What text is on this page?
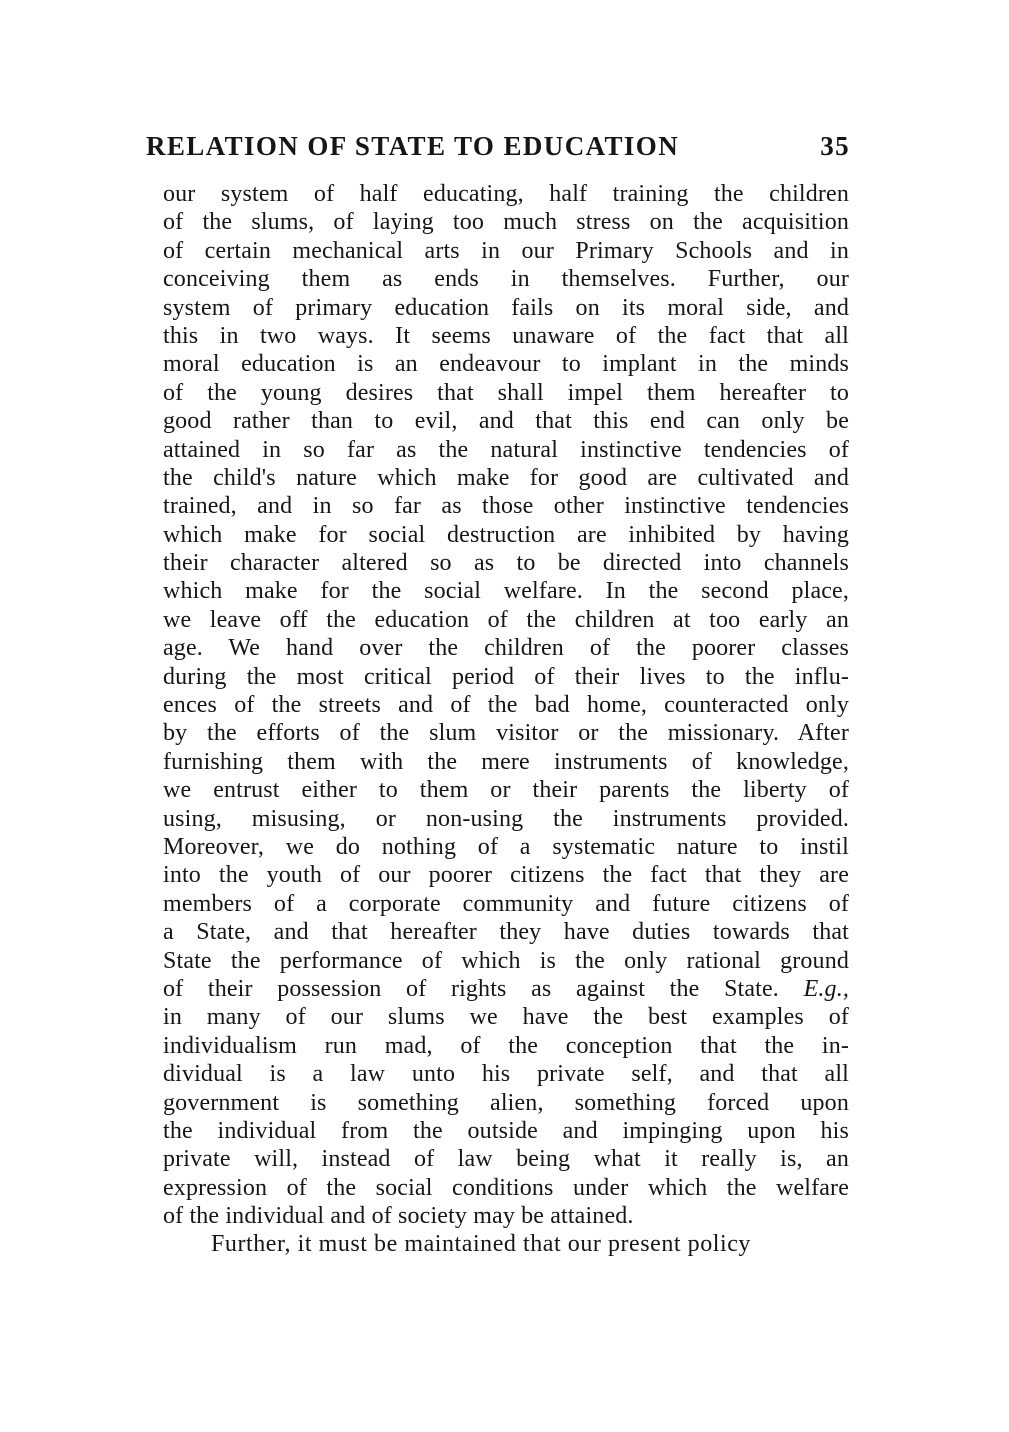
RELATION OF STATE TO EDUCATION	35
our system of half educating, half training the children
of the slums, of laying too much stress on the acquisition
of certain mechanical arts in our Primary Schools and in
conceiving them as ends in themselves. Further, our
system of primary education fails on its moral side, and
this in two ways. It seems unaware of the fact that all
moral education is an endeavour to implant in the minds
of the young desires that shall impel them hereafter to
good rather than to evil, and that this end can only be
attained in so far as the natural instinctive tendencies of
the child's nature which make for good are cultivated and
trained, and in so far as those other instinctive tendencies
which make for social destruction are inhibited by having
their character altered so as to be directed into channels
which make for the social welfare. In the second place,
we leave off the education of the children at too early an
age. We hand over the children of the poorer classes
during the most critical period of their lives to the influ-
ences of the streets and of the bad home, counteracted only
by the efforts of the slum visitor or the missionary. After
furnishing them with the mere instruments of knowledge,
we entrust either to them or their parents the liberty of
using, misusing, or non-using the instruments provided.
Moreover, we do nothing of a systematic nature to instil
into the youth of our poorer citizens the fact that they are
members of a corporate community and future citizens of
a State, and that hereafter they have duties towards that
State the performance of which is the only rational ground
of their possession of rights as against the State. E.g.,
in many of our slums we have the best examples of
individualism run mad, of the conception that the in-
dividual is a law unto his private self, and that all
government is something alien, something forced upon
the individual from the outside and impinging upon his
private will, instead of law being what it really is, an
expression of the social conditions under which the welfare
of the individual and of society may be attained.
Further, it must be maintained that our present policy
